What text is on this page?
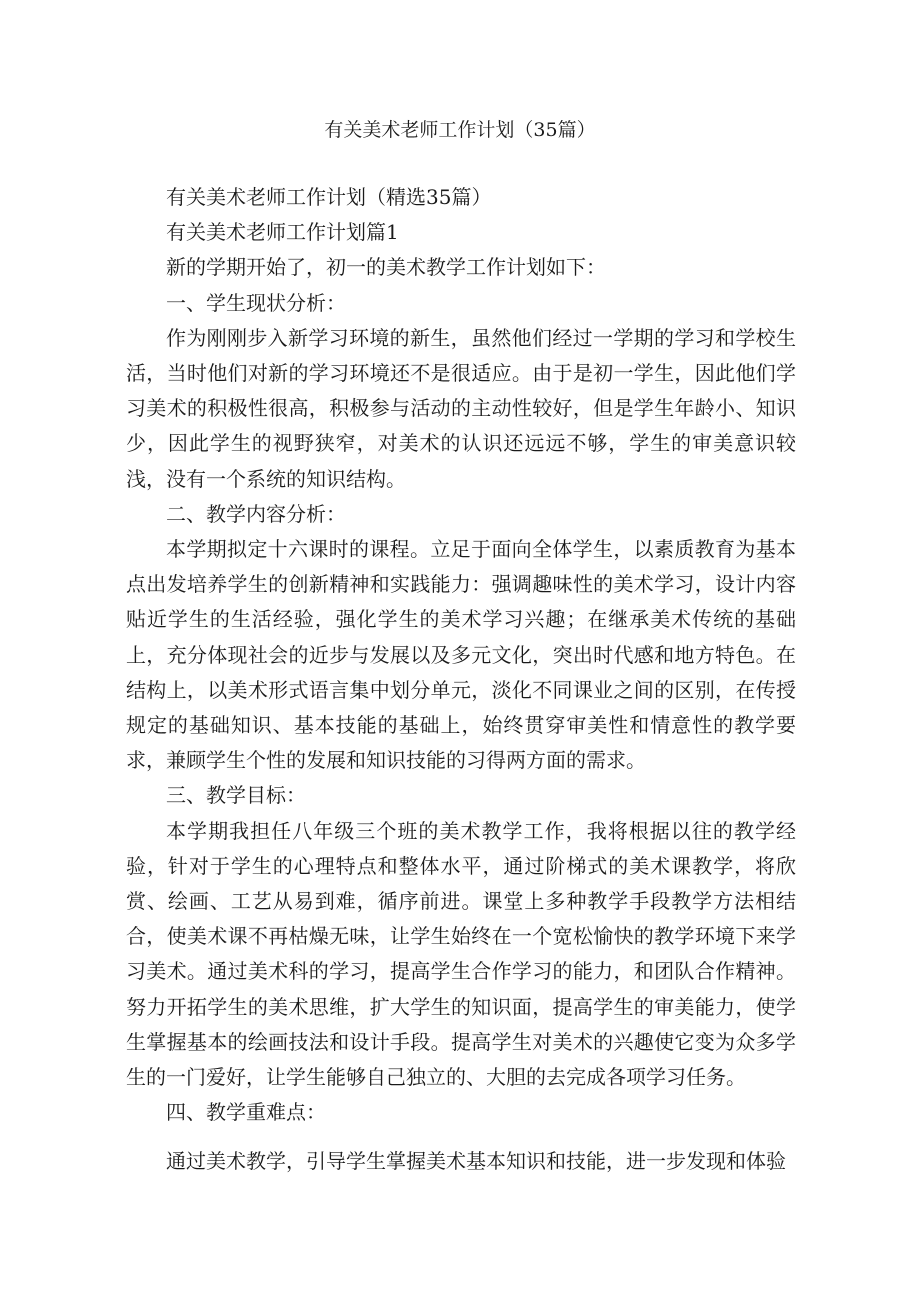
有关美术老师工作计划（35篇）

有关美术老师工作计划（精选35篇）

有关美术老师工作计划篇1

新的学期开始了，初一的美术教学工作计划如下：

一、学生现状分析：

作为刚刚步入新学习环境的新生，虽然他们经过一学期的学习和学校生活，当时他们对新的学习环境还不是很适应。由于是初一学生，因此他们学习美术的积极性很高，积极参与活动的主动性较好，但是学生年龄小、知识少，因此学生的视野狭窄，对美术的认识还远远不够，学生的审美意识较浅，没有一个系统的知识结构。

二、教学内容分析：

本学期拟定十六课时的课程。立足于面向全体学生，以素质教育为基本点出发培养学生的创新精神和实践能力：强调趣味性的美术学习，设计内容贴近学生的生活经验，强化学生的美术学习兴趣；在继承美术传统的基础上，充分体现社会的近步与发展以及多元文化，突出时代感和地方特色。在结构上，以美术形式语言集中划分单元，淡化不同课业之间的区别，在传授规定的基础知识、基本技能的基础上，始终贯穿审美性和情意性的教学要求，兼顾学生个性的发展和知识技能的习得两方面的需求。

三、教学目标：

本学期我担任八年级三个班的美术教学工作，我将根据以往的教学经验，针对于学生的心理特点和整体水平，通过阶梯式的美术课教学，将欣赏、绘画、工艺从易到难，循序前进。课堂上多种教学手段教学方法相结合，使美术课不再枯燥无味，让学生始终在一个宽松愉快的教学环境下来学习美术。通过美术科的学习，提高学生合作学习的能力，和团队合作精神。努力开拓学生的美术思维，扩大学生的知识面，提高学生的审美能力，使学生掌握基本的绘画技法和设计手段。提高学生对美术的兴趣使它变为众多学生的一门爱好，让学生能够自己独立的、大胆的去完成各项学习任务。

四、教学重难点：

通过美术教学，引导学生掌握美术基本知识和技能，进一步发现和体验
